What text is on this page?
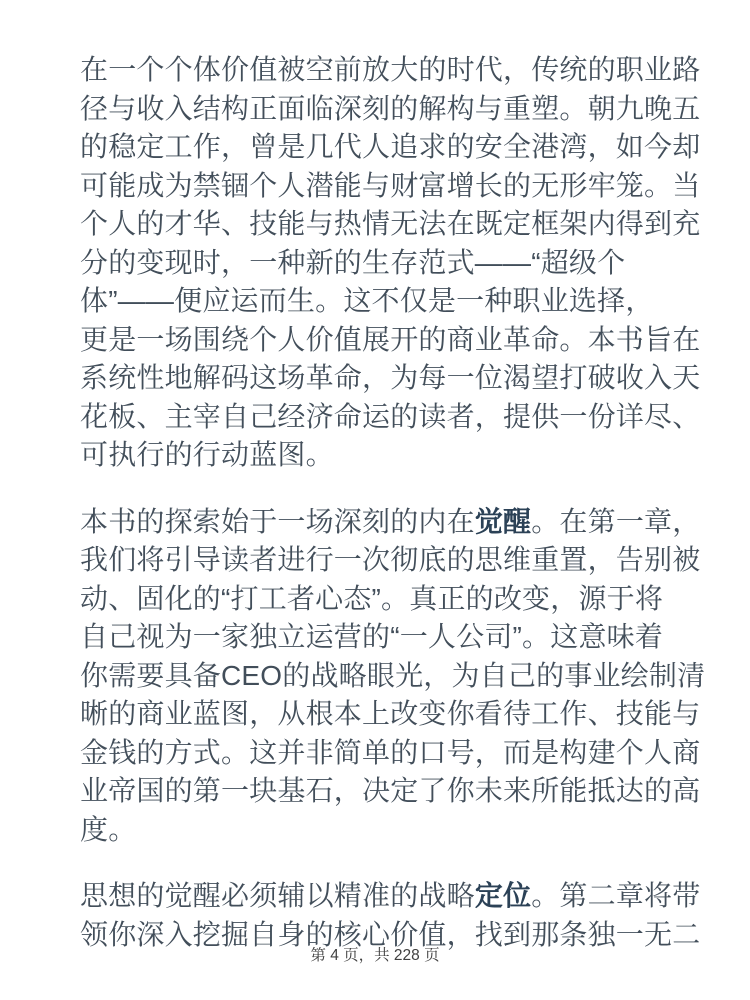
在一个个体价值被空前放大的时代，传统的职业路
径与收入结构正面临深刻的解构与重塑。朝九晚五
的稳定工作，曾是几代人追求的安全港湾，如今却
可能成为禁锢个人潜能与财富增长的无形牢笼。当
个人的才华、技能与热情无法在既定框架内得到充
分的变现时，一种新的生存范式——“超级个
体”——便应运而生。这不仅是一种职业选择，
更是一场围绕个人价值展开的商业革命。本书旨在
系统性地解码这场革命，为每一位渴望打破收入天
花板、主宰自己经济命运的读者，提供一份详尽、
可执行的行动蓝图。

本书的探索始于一场深刻的内在觉醒。在第一章，
我们将引导读者进行一次彻底的思维重置，告别被
动、固化的“打工者心态”。真正的改变，源于将
自己视为一家独立运营的“一人公司”。这意味着
你需要具备CEO的战略眼光，为自己的事业绘制清
晰的商业蓝图，从根本上改变你看待工作、技能与
金钱的方式。这并非简单的口号，而是构建个人商
业帝国的第一块基石，决定了你未来所能抵达的高
度。

思想的觉醒必须辅以精准的战略定位。第二章将带
领你深入挖掘自身的核心价值，找到那条独一无二

第 4 页，共 228 页
